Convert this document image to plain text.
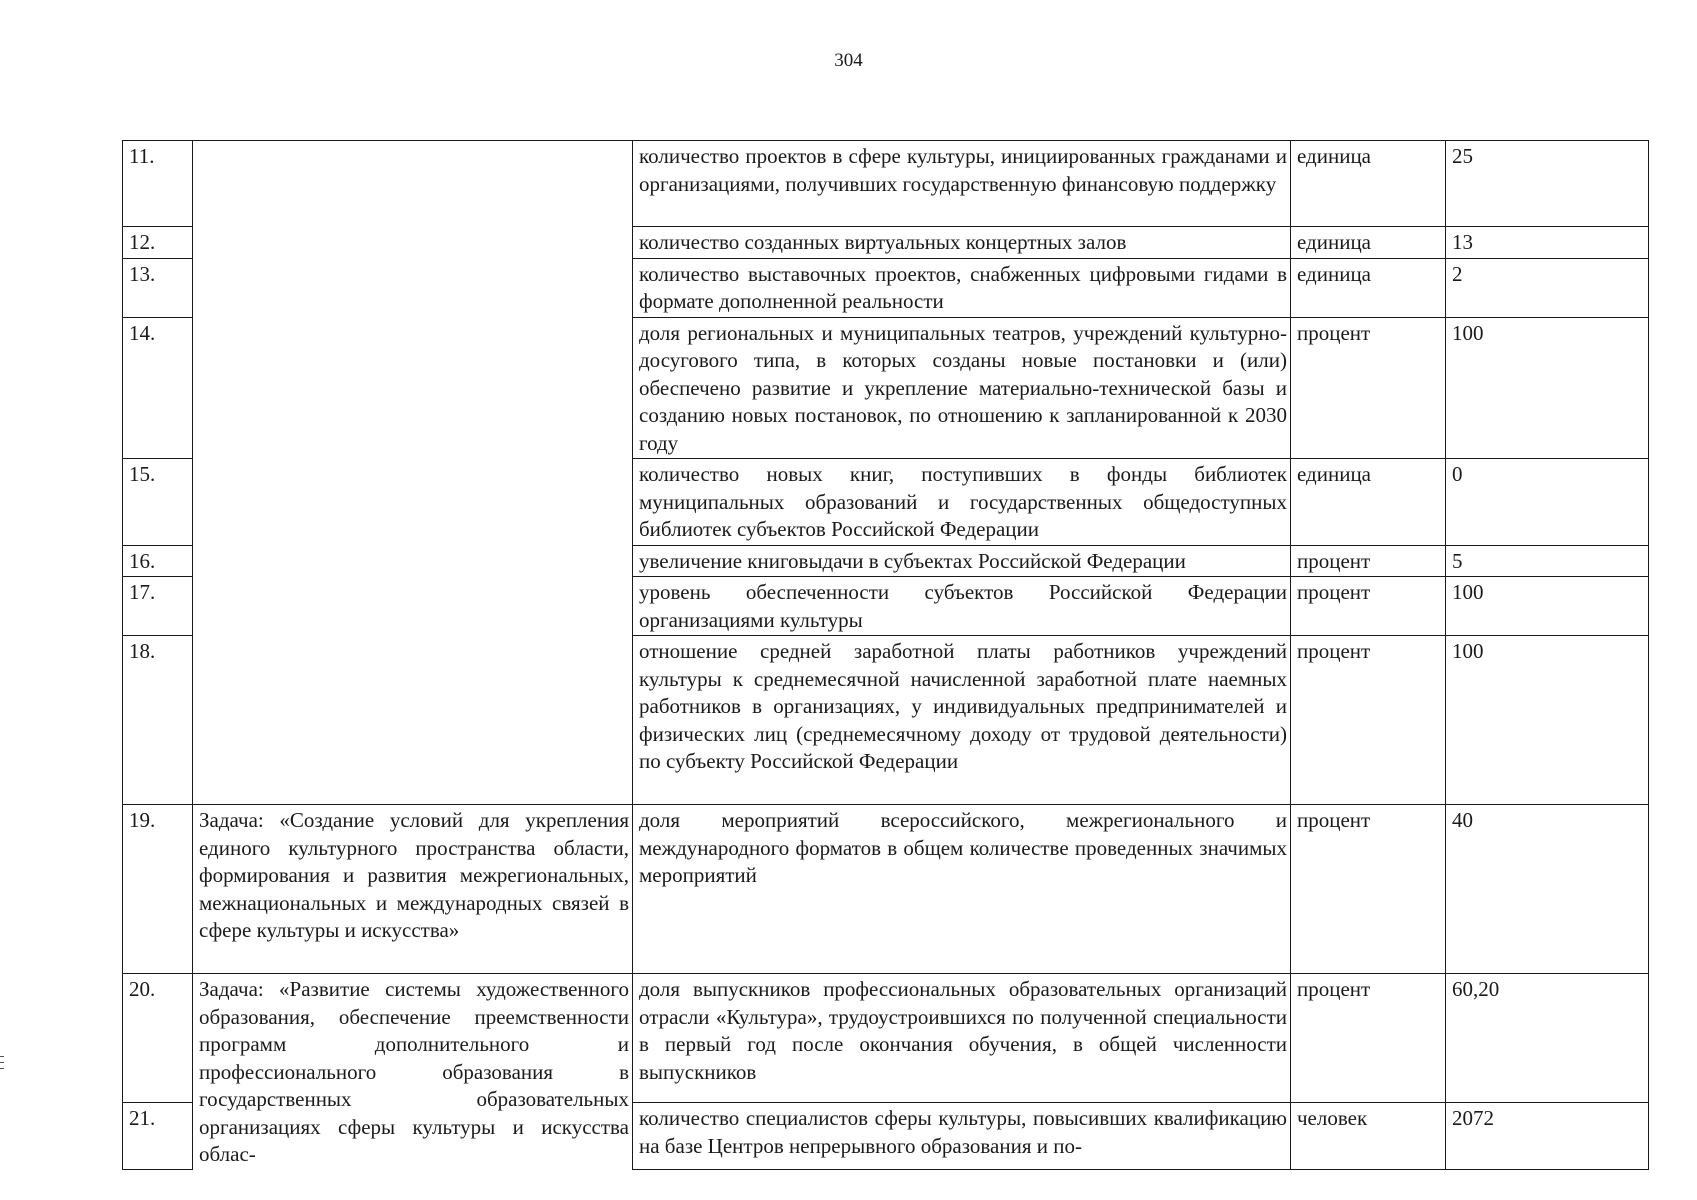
304
11.		количество проектов в сфере культуры, инициированных гражданами и организациями, получивших государственную финансовую поддержку	единица	25
12.		количество созданных виртуальных концертных залов	единица	13
13.		количество выставочных проектов, снабженных цифровыми гидами в формате дополненной реальности	единица	2
14.		доля региональных и муниципальных театров, учреждений культурно-досугового типа, в которых созданы новые постановки и (или) обеспечено развитие и укрепление материально-технической базы и созданию новых постановок, по отношению к запланированной к 2030 году	процент	100
15.		количество новых книг, поступивших в фонды библиотек муниципальных образований и государственных общедоступных библиотек субъектов Российской Федерации	единица	0
16.		увеличение книговыдачи в субъектах Российской Федерации	процент	5
17.		уровень обеспеченности субъектов Российской Федерации организациями культуры	процент	100
18.		отношение средней заработной платы работников учреждений культуры к среднемесячной начисленной заработной плате наемных работников в организациях, у индивидуальных предпринимателей и физических лиц (среднемесячному доходу от трудовой деятельности) по субъекту Российской Федерации	процент	100
19.	Задача: «Создание условий для укрепления единого культурного пространства области, формирования и развития межрегиональных, межнациональных и международных связей в сфере культуры и искусства»	доля мероприятий всероссийского, межрегионального и международного форматов в общем количестве проведенных значимых мероприятий	процент	40
20.	Задача: «Развитие системы художественного образования, обеспечение преемственности программ дополнительного и профессионального образования в государственных образовательных организациях сферы культуры и искусства облас-	доля выпускников профессиональных образовательных организаций отрасли «Культура», трудоустроившихся по полученной специальности в первый год после окончания обучения, в общей численности выпускников	процент	60,20
21.		количество специалистов сферы культуры, повысивших квалификацию на базе Центров непрерывного образования и по-	человек	2072
